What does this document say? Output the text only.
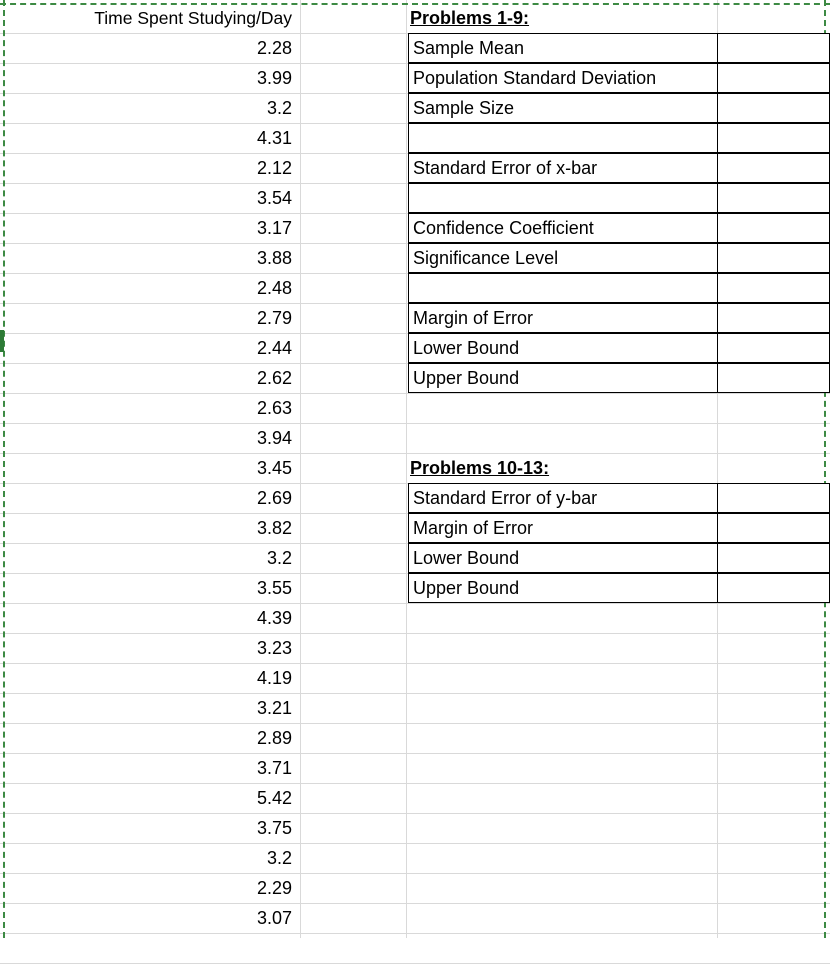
Time Spent Studying/Day
2.28
3.99
3.2
4.31
2.12
3.54
3.17
3.88
2.48
2.79
2.44
2.62
2.63
3.94
3.45
2.69
3.82
3.2
3.55
4.39
3.23
4.19
3.21
2.89
3.71
5.42
3.75
3.2
2.29
3.07
Problems 1-9:
Sample Mean
Population Standard Deviation
Sample Size
Standard Error of x-bar
Confidence Coefficient
Significance Level
Margin of Error
Lower Bound
Upper Bound
Problems 10-13:
Standard Error of y-bar
Margin of Error
Lower Bound
Upper Bound
